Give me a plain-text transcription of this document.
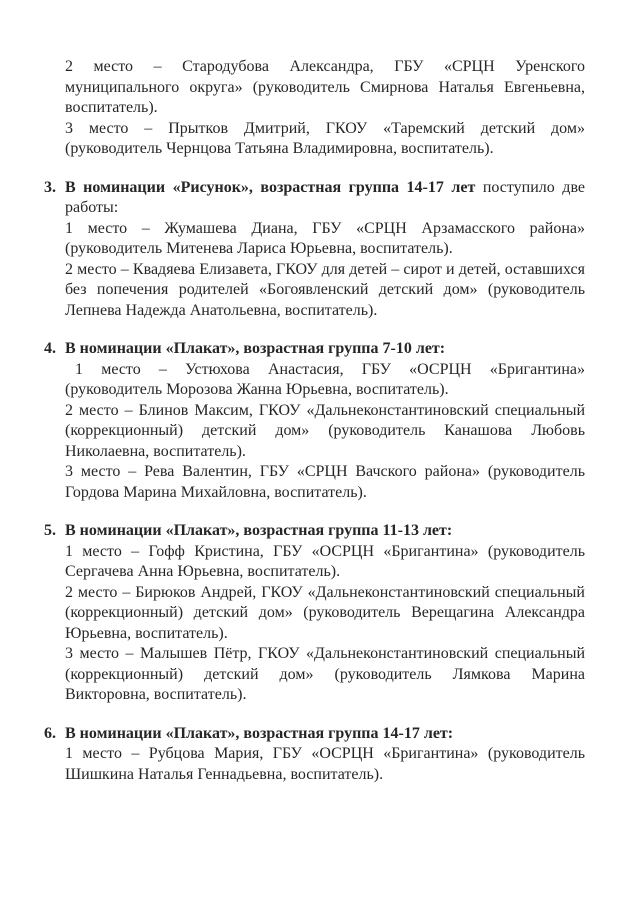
2 место – Стародубова Александра, ГБУ «СРЦН Уренского муниципального округа» (руководитель Смирнова Наталья Евгеньевна, воспитатель).

3 место – Прытков Дмитрий, ГКОУ «Таремский детский дом» (руководитель Чернцова Татьяна Владимировна, воспитатель).

3. В номинации «Рисунок», возрастная группа 14-17 лет поступило две работы:

1 место – Жумашева Диана, ГБУ «СРЦН Арзамасского района» (руководитель Митенева Лариса Юрьевна, воспитатель).

2 место – Квадяева Елизавета, ГКОУ для детей – сирот и детей, оставшихся без попечения родителей «Богоявленский детский дом» (руководитель Лепнева Надежда Анатольевна, воспитатель).

4. В номинации «Плакат», возрастная группа 7-10 лет:

1 место – Устюхова Анастасия, ГБУ «ОСРЦН «Бригантина» (руководитель Морозова Жанна Юрьевна, воспитатель).

2 место – Блинов Максим, ГКОУ «Дальнеконстантиновский специальный (коррекционный) детский дом» (руководитель Канашова Любовь Николаевна, воспитатель).

3 место – Рева Валентин, ГБУ «СРЦН Вачского района» (руководитель Гордова Марина Михайловна, воспитатель).

5. В номинации «Плакат», возрастная группа 11-13 лет:

1 место – Гофф Кристина, ГБУ «ОСРЦН «Бригантина» (руководитель Сергачева Анна Юрьевна, воспитатель).

2 место – Бирюков Андрей, ГКОУ «Дальнеконстантиновский специальный (коррекционный) детский дом» (руководитель Верещагина Александра Юрьевна, воспитатель).

3 место – Малышев Пётр, ГКОУ «Дальнеконстантиновский специальный (коррекционный) детский дом» (руководитель Лямкова Марина Викторовна, воспитатель).

6. В номинации «Плакат», возрастная группа 14-17 лет:

1 место – Рубцова Мария, ГБУ «ОСРЦН «Бригантина» (руководитель Шишкина Наталья Геннадьевна, воспитатель).
